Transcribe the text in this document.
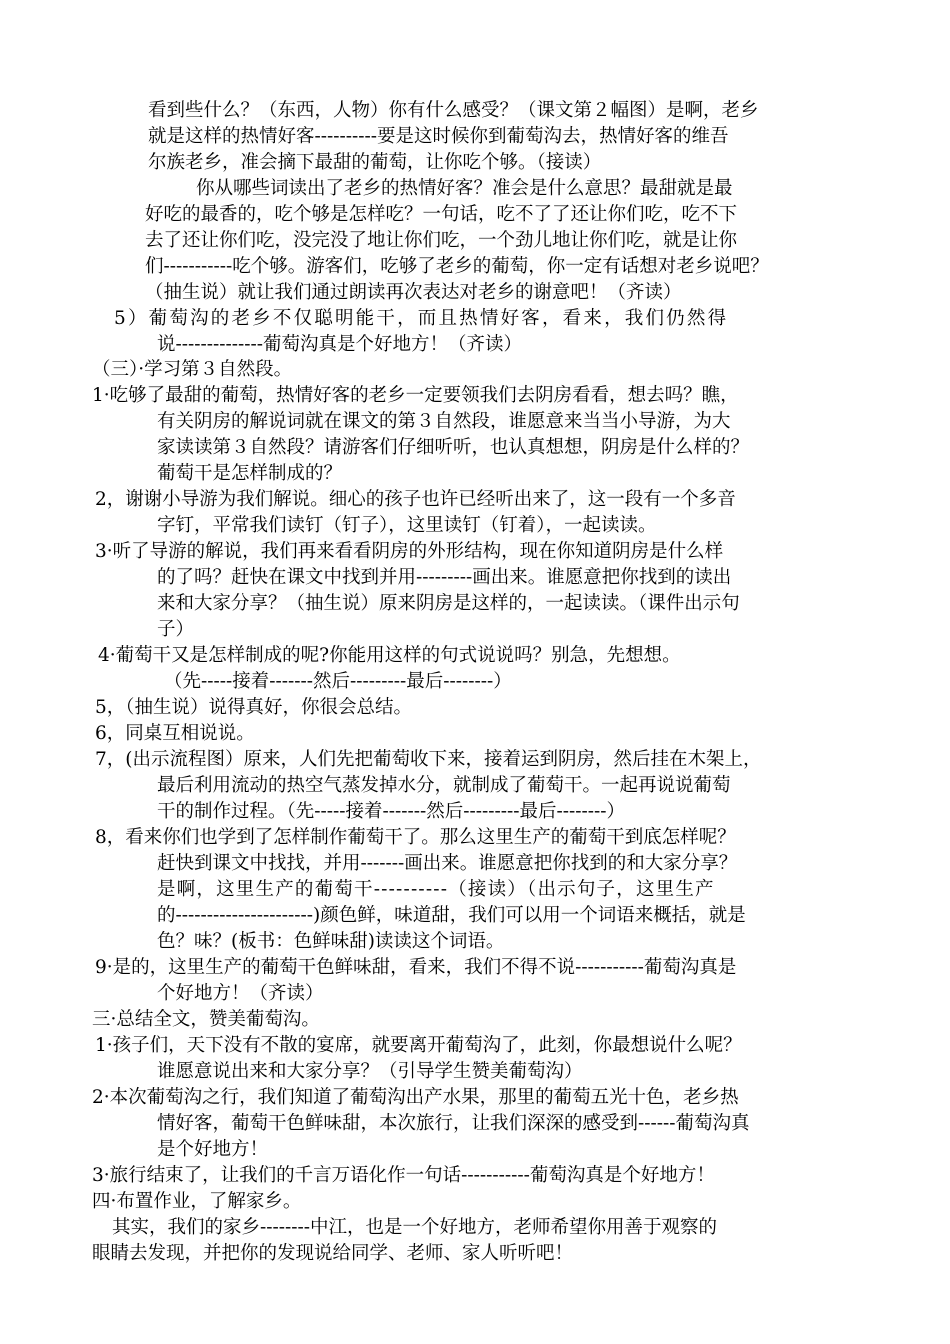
看到些什么？（东西，人物）你有什么感受？（课文第２幅图）是啊，老乡
就是这样的热情好客----------要是这时候你到葡萄沟去，热情好客的维吾
尔族老乡，准会摘下最甜的葡萄，让你吃个够。（接读）
你从哪些词读出了老乡的热情好客？准会是什么意思？最甜就是最
好吃的最香的，吃个够是怎样吃？一句话，吃不了了还让你们吃，吃不下
去了还让你们吃，没完没了地让你们吃，一个劲儿地让你们吃，就是让你
们-----------吃个够。游客们，吃够了老乡的葡萄，你一定有话想对老乡说吧？
（抽生说）就让我们通过朗读再次表达对老乡的谢意吧！（齐读）
5）葡萄沟的老乡不仅聪明能干，而且热情好客，看来，我们仍然得
说--------------葡萄沟真是个好地方！（齐读）
（三）·学习第３自然段。
1·吃够了最甜的葡萄，热情好客的老乡一定要领我们去阴房看看，想去吗？瞧，
有关阴房的解说词就在课文的第３自然段，谁愿意来当当小导游，为大
家读读第３自然段？请游客们仔细听听，也认真想想，阴房是什么样的？
葡萄干是怎样制成的？
2，谢谢小导游为我们解说。细心的孩子也许已经听出来了，这一段有一个多音
字钉，平常我们读钉（钉子），这里读钉（钉着），一起读读。
3·听了导游的解说，我们再来看看阴房的外形结构，现在你知道阴房是什么样
的了吗？赶快在课文中找到并用---------画出来。谁愿意把你找到的读出
来和大家分享？（抽生说）原来阴房是这样的，一起读读。（课件出示句
子）
4·葡萄干又是怎样制成的呢?你能用这样的句式说说吗？别急，先想想。
（先-----接着-------然后---------最后--------）
5，（抽生说）说得真好，你很会总结。
6，同桌互相说说。
7，(出示流程图）原来，人们先把葡萄收下来，接着运到阴房，然后挂在木架上，
最后利用流动的热空气蒸发掉水分，就制成了葡萄干。一起再说说葡萄
干的制作过程。（先-----接着-------然后---------最后--------）
8，看来你们也学到了怎样制作葡萄干了。那么这里生产的葡萄干到底怎样呢？
赶快到课文中找找，并用-------画出来。谁愿意把你找到的和大家分享？
是啊，这里生产的葡萄干----------（接读）（出示句子，这里生产
的----------------------)颜色鲜，味道甜，我们可以用一个词语来概括，就是
色？味？(板书：色鲜味甜)读读这个词语。
9·是的，这里生产的葡萄干色鲜味甜，看来，我们不得不说-----------葡萄沟真是
个好地方！（齐读）
三·总结全文，赞美葡萄沟。
1·孩子们，天下没有不散的宴席，就要离开葡萄沟了，此刻，你最想说什么呢？
谁愿意说出来和大家分享？（引导学生赞美葡萄沟）
2·本次葡萄沟之行，我们知道了葡萄沟出产水果，那里的葡萄五光十色，老乡热
情好客，葡萄干色鲜味甜，本次旅行，让我们深深的感受到------葡萄沟真
是个好地方！
3·旅行结束了，让我们的千言万语化作一句话-----------葡萄沟真是个好地方！
四·布置作业，了解家乡。
其实，我们的家乡--------中江，也是一个好地方，老师希望你用善于观察的
眼睛去发现，并把你的发现说给同学、老师、家人听听吧！
